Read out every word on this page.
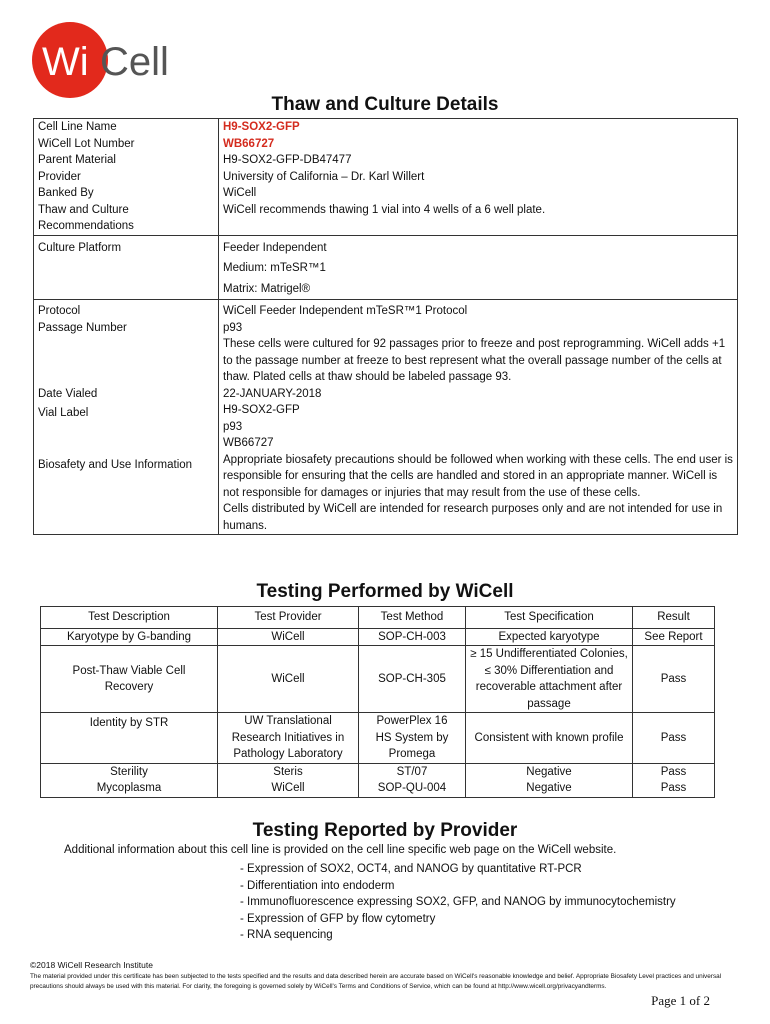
Wi Cell
Thaw and Culture Details
Cell Line Name	H9-SOX2-GFP
WiCell Lot Number	WB66727
Parent Material	H9-SOX2-GFP-DB47477
Provider	University of California – Dr. Karl Willert
Banked By	WiCell
Thaw and Culture Recommendations	WiCell recommends thawing 1 vial into 4 wells of a 6 well plate.
Culture Platform	Feeder Independent
Medium: mTeSR™1
Matrix: Matrigel®

Protocol	WiCell Feeder Independent mTeSR™1 Protocol
Passage Number	p93
These cells were cultured for 92 passages prior to freeze and post reprogramming. WiCell adds +1 to the passage number at freeze to best represent what the overall passage number of the cells at thaw. Plated cells at thaw should be labeled passage 93.

Date Vialed	22-JANUARY-2018
Vial Label	H9-SOX2-GFP
p93
WB66727

Biosafety and Use Information	Appropriate biosafety precautions should be followed when working with these cells. The end user is responsible for ensuring that the cells are handled and stored in an appropriate manner. WiCell is not responsible for damages or injuries that may result from the use of these cells.
Cells distributed by WiCell are intended for research purposes only and are not intended for use in humans.
Testing Performed by WiCell
Test Description	Test Provider	Test Method	Test Specification	Result
Karyotype by G-banding	WiCell	SOP-CH-003	Expected karyotype	See Report
Post-Thaw Viable Cell Recovery	WiCell	SOP-CH-305	≥ 15 Undifferentiated Colonies, ≤ 30% Differentiation and recoverable attachment after passage	Pass
Identity by STR	UW Translational Research Initiatives in Pathology Laboratory	PowerPlex 16 HS System by Promega	Consistent with known profile	Pass
Sterility	Steris	ST/07	Negative	Pass
Mycoplasma	WiCell	SOP-QU-004	Negative	Pass
Testing Reported by Provider
Additional information about this cell line is provided on the cell line specific web page on the WiCell website.
- Expression of SOX2, OCT4, and NANOG by quantitative RT-PCR
- Differentiation into endoderm
- Immunofluorescence expressing SOX2, GFP, and NANOG by immunocytochemistry
- Expression of GFP by flow cytometry
- RNA sequencing
©2018 WiCell Research Institute
The material provided under this certificate has been subjected to the tests specified and the results and data described herein are accurate based on WiCell's reasonable knowledge and belief. Appropriate Biosafety Level practices and universal precautions should always be used with this material. For clarity, the foregoing is governed solely by WiCell's Terms and Conditions of Service, which can be found at http://www.wicell.org/privacyandterms.
Page 1 of 2
